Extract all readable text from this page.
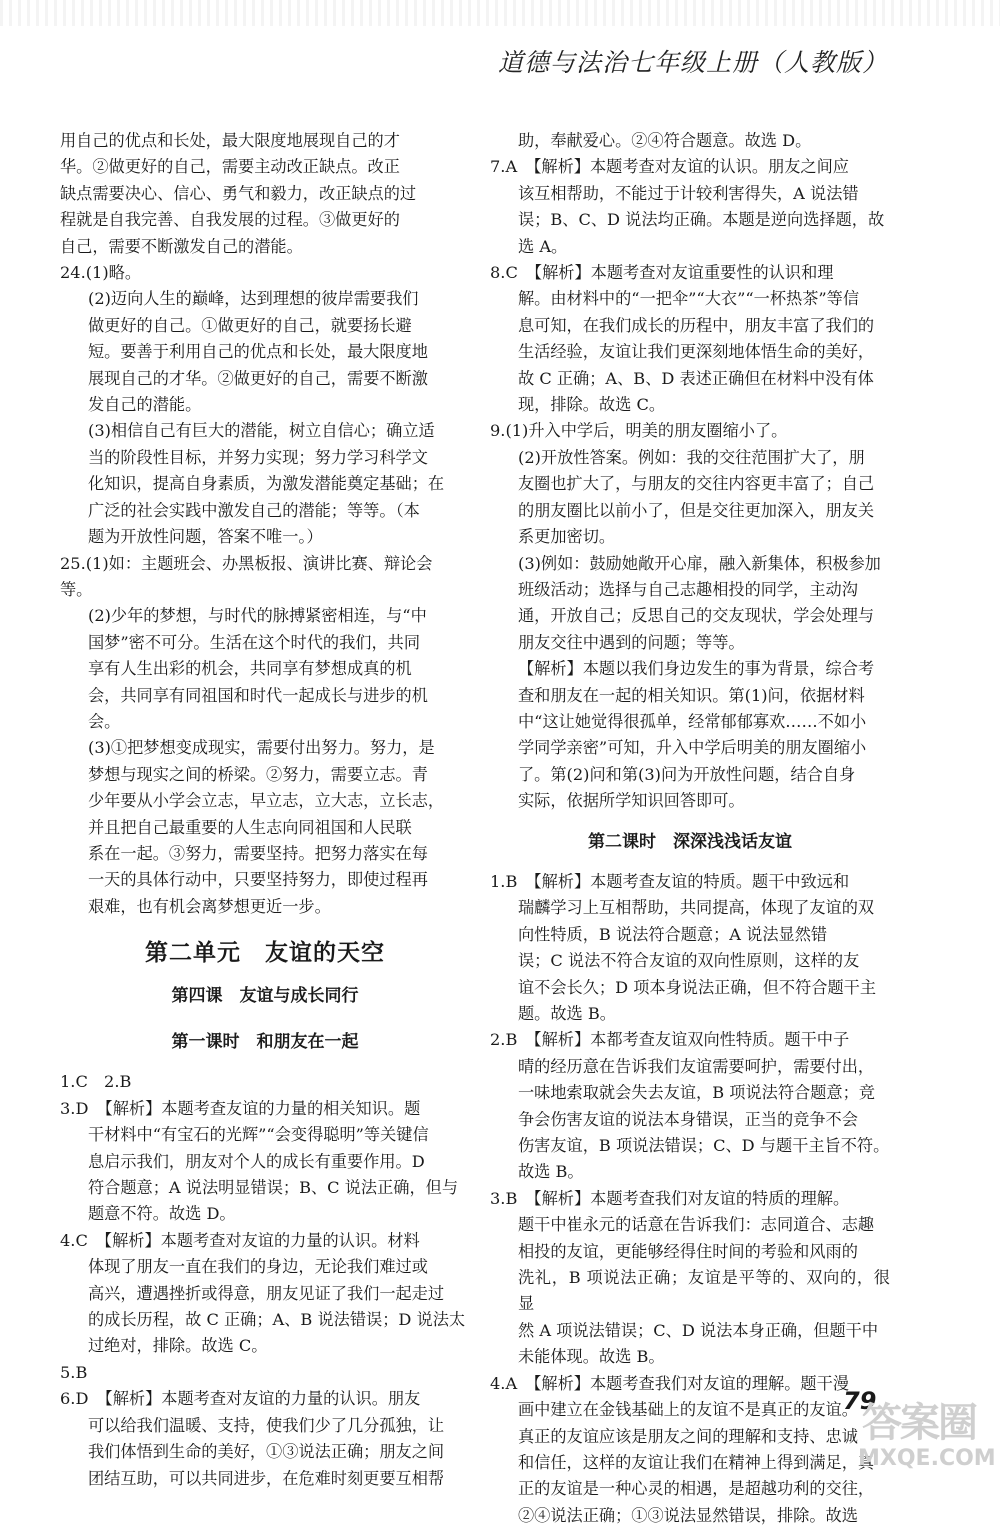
道德与法治七年级上册（人教版）

用自己的优点和长处，最大限度地展现自己的才

华。②做更好的自己，需要主动改正缺点。改正

缺点需要决心、信心、勇气和毅力，改正缺点的过

程就是自我完善、自我发展的过程。③做更好的

自己，需要不断激发自己的潜能。

24.(1)略。

(2)迈向人生的巅峰，达到理想的彼岸需要我们

做更好的自己。①做更好的自己，就要扬长避

短。要善于利用自己的优点和长处，最大限度地

展现自己的才华。②做更好的自己，需要不断激

发自己的潜能。

(3)相信自己有巨大的潜能，树立自信心；确立适

当的阶段性目标，并努力实现；努力学习科学文

化知识，提高自身素质，为激发潜能奠定基础；在

广泛的社会实践中激发自己的潜能；等等。（本

题为开放性问题，答案不唯一。）

25.(1)如：主题班会、办黑板报、演讲比赛、辩论会

等。

(2)少年的梦想，与时代的脉搏紧密相连，与“中

国梦”密不可分。生活在这个时代的我们，共同

享有人生出彩的机会，共同享有梦想成真的机

会，共同享有同祖国和时代一起成长与进步的机

会。

(3)①把梦想变成现实，需要付出努力。努力，是

梦想与现实之间的桥梁。②努力，需要立志。青

少年要从小学会立志，早立志，立大志，立长志，

并且把自己最重要的人生志向同祖国和人民联

系在一起。③努力，需要坚持。把努力落实在每

一天的具体行动中，只要坚持努力，即使过程再

艰难，也有机会离梦想更近一步。

第二单元　友谊的天空
第四课　友谊与成长同行
第一课时　和朋友在一起

1.C　2.B

3.D　【解析】本题考查友谊的力量的相关知识。题

干材料中“有宝石的光辉”“会变得聪明”等关键信

息启示我们，朋友对个人的成长有重要作用。D

符合题意；A 说法明显错误；B、C 说法正确，但与

题意不符。故选 D。

4.C　【解析】本题考查对友谊的力量的认识。材料

体现了朋友一直在我们的身边，无论我们难过或

高兴，遭遇挫折或得意，朋友见证了我们一起走过

的成长历程，故 C 正确；A、B 说法错误；D 说法太

过绝对，排除。故选 C。

5.B

6.D　【解析】本题考查对友谊的力量的认识。朋友

可以给我们温暖、支持，使我们少了几分孤独，让

我们体悟到生命的美好，①③说法正确；朋友之间

团结互助，可以共同进步，在危难时刻更要互相帮

助，奉献爱心。②④符合题意。故选 D。

7.A　【解析】本题考查对友谊的认识。朋友之间应

该互相帮助，不能过于计较利害得失，A 说法错

误；B、C、D 说法均正确。本题是逆向选择题，故

选 A。

8.C　【解析】本题考查对友谊重要性的认识和理

解。由材料中的“一把伞”“大衣”“一杯热茶”等信

息可知，在我们成长的历程中，朋友丰富了我们的

生活经验，友谊让我们更深刻地体悟生命的美好，

故 C 正确；A、B、D 表述正确但在材料中没有体

现，排除。故选 C。

9.(1)升入中学后，明美的朋友圈缩小了。

(2)开放性答案。例如：我的交往范围扩大了，朋

友圈也扩大了，与朋友的交往内容更丰富了；自己

的朋友圈比以前小了，但是交往更加深入，朋友关

系更加密切。

(3)例如：鼓励她敞开心扉，融入新集体，积极参加

班级活动；选择与自己志趣相投的同学，主动沟

通，开放自己；反思自己的交友现状，学会处理与

朋友交往中遇到的问题；等等。

【解析】本题以我们身边发生的事为背景，综合考

查和朋友在一起的相关知识。第(1)问，依据材料

中“这让她觉得很孤单，经常郁郁寡欢……不如小

学同学亲密”可知，升入中学后明美的朋友圈缩小

了。第(2)问和第(3)问为开放性问题，结合自身

实际，依据所学知识回答即可。

第二课时　深深浅浅话友谊

1.B　【解析】本题考查友谊的特质。题干中致远和

瑞麟学习上互相帮助，共同提高，体现了友谊的双

向性特质，B 说法符合题意；A 说法显然错

误；C 说法不符合友谊的双向性原则，这样的友

谊不会长久；D 项本身说法正确，但不符合题干主

题。故选 B。

2.B　【解析】本都考查友谊双向性特质。题干中子

晴的经历意在告诉我们友谊需要呵护，需要付出，

一味地索取就会失去友谊，B 项说法符合题意；竞

争会伤害友谊的说法本身错误，正当的竞争不会

伤害友谊，B 项说法错误；C、D 与题干主旨不符。

故选 B。

3.B　【解析】本题考查我们对友谊的特质的理解。

题干中崔永元的话意在告诉我们：志同道合、志趣

相投的友谊，更能够经得住时间的考验和风雨的

洗礼，B 项说法正确；友谊是平等的、双向的，很显

然 A 项说法错误；C、D 说法本身正确，但题干中

未能体现。故选 B。

4.A　【解析】本题考查我们对友谊的理解。题干漫

画中建立在金钱基础上的友谊不是真正的友谊。

真正的友谊应该是朋友之间的理解和支持、忠诚

和信任，这样的友谊让我们在精神上得到满足，真

正的友谊是一种心灵的相遇，是超越功利的交往，

②④说法正确；①③说法显然错误，排除。故选

79
答案圈
MXQE.COM
